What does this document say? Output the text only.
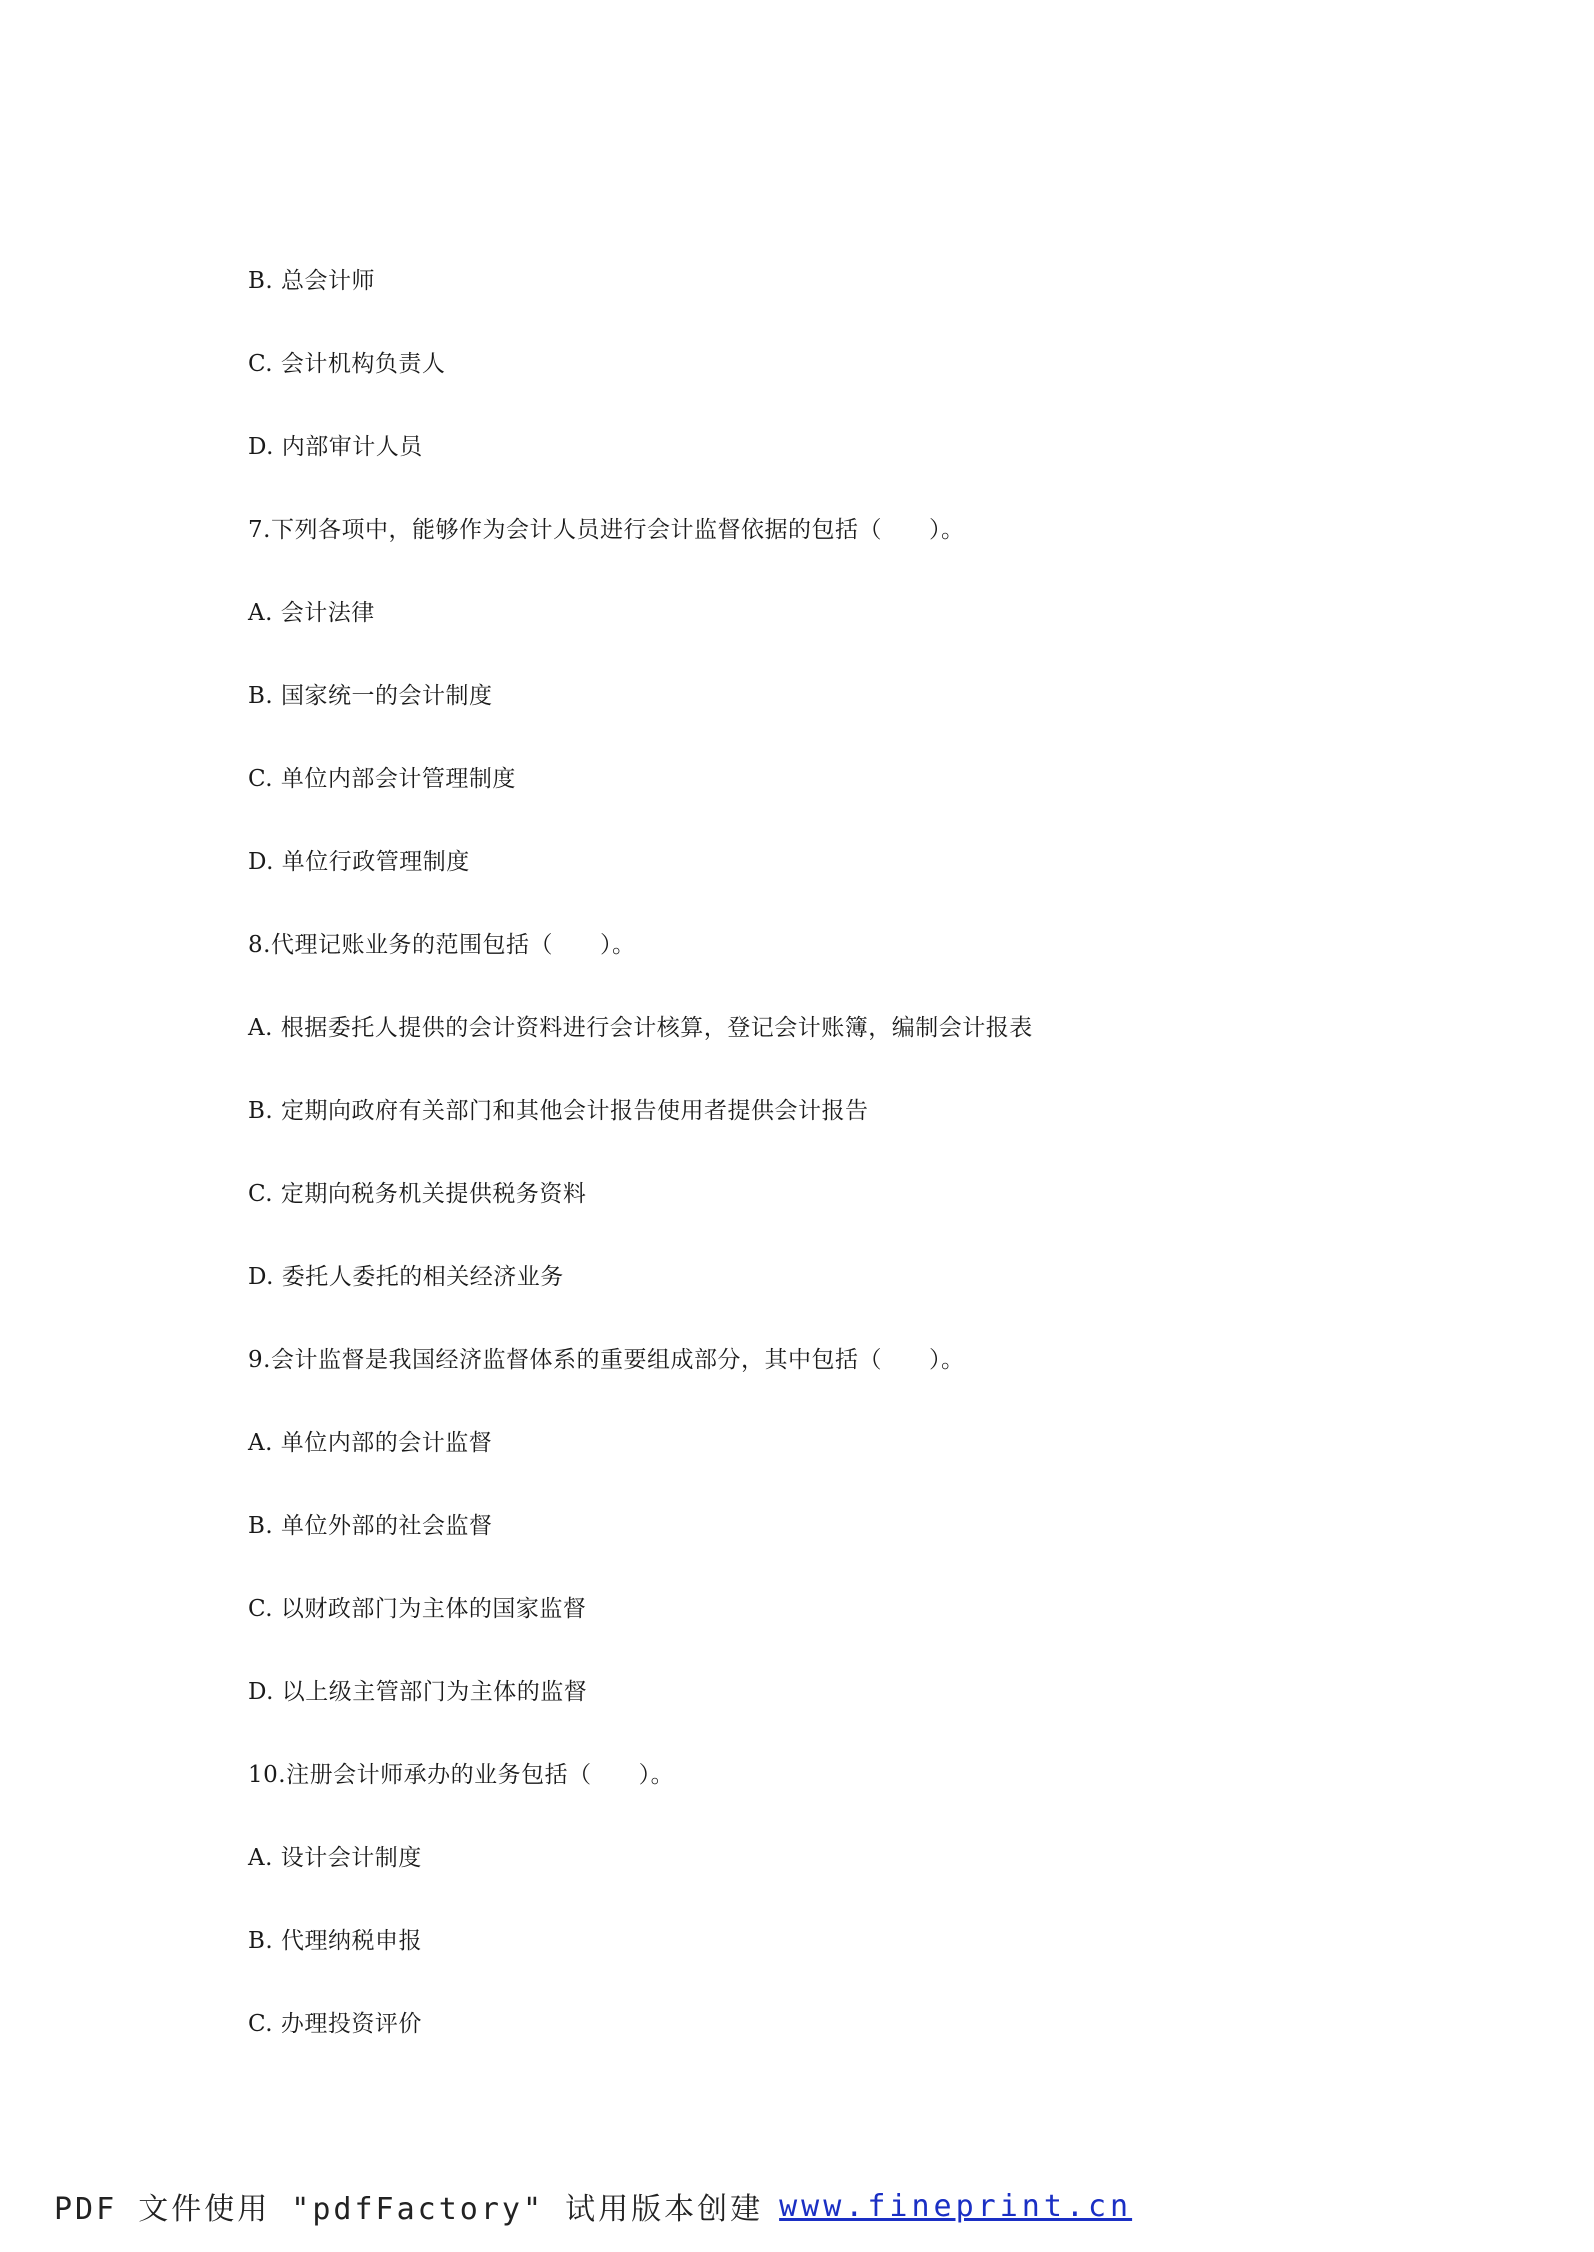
B. 总会计师
C. 会计机构负责人
D. 内部审计人员
7.下列各项中，能够作为会计人员进行会计监督依据的包括（　　）。
A. 会计法律
B. 国家统一的会计制度
C. 单位内部会计管理制度
D. 单位行政管理制度
8.代理记账业务的范围包括（　　）。
A. 根据委托人提供的会计资料进行会计核算，登记会计账簿，编制会计报表
B. 定期向政府有关部门和其他会计报告使用者提供会计报告
C. 定期向税务机关提供税务资料
D. 委托人委托的相关经济业务
9.会计监督是我国经济监督体系的重要组成部分，其中包括（　　）。
A. 单位内部的会计监督
B. 单位外部的社会监督
C. 以财政部门为主体的国家监督
D. 以上级主管部门为主体的监督
10.注册会计师承办的业务包括（　　）。
A. 设计会计制度
B. 代理纳税申报
C. 办理投资评价
PDF 文件使用 "pdfFactory" 试用版本创建 www.fineprint.cn
